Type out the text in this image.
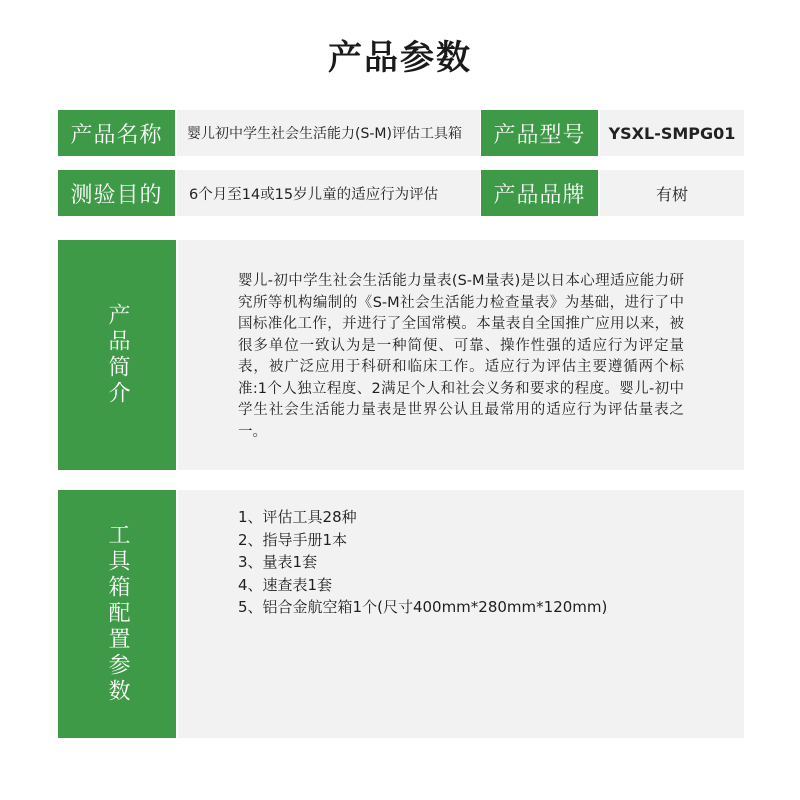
产品参数
产品名称	婴儿初中学生社会生活能力(S-M)评估工具箱	产品型号	YSXL-SMPG01
测验目的	6个月至14或15岁儿童的适应行为评估	产品品牌	有树
产品简介
婴儿-初中学生社会生活能力量表(S-M量表)是以日本心理适应能力研究所等机构编制的《S-M社会生活能力检查量表》为基础，进行了中国标准化工作，并进行了全国常模。本量表自全国推广应用以来，被很多单位一致认为是一种简便、可靠、操作性强的适应行为评定量表，被广泛应用于科研和临床工作。适应行为评估主要遵循两个标准:1个人独立程度、2满足个人和社会义务和要求的程度。婴儿-初中学生社会生活能力量表是世界公认且最常用的适应行为评估量表之一。
工具箱配置参数
1、评估工具28种
2、指导手册1本
3、量表1套
4、速查表1套
5、铝合金航空箱1个(尺寸400mm*280mm*120mm)
